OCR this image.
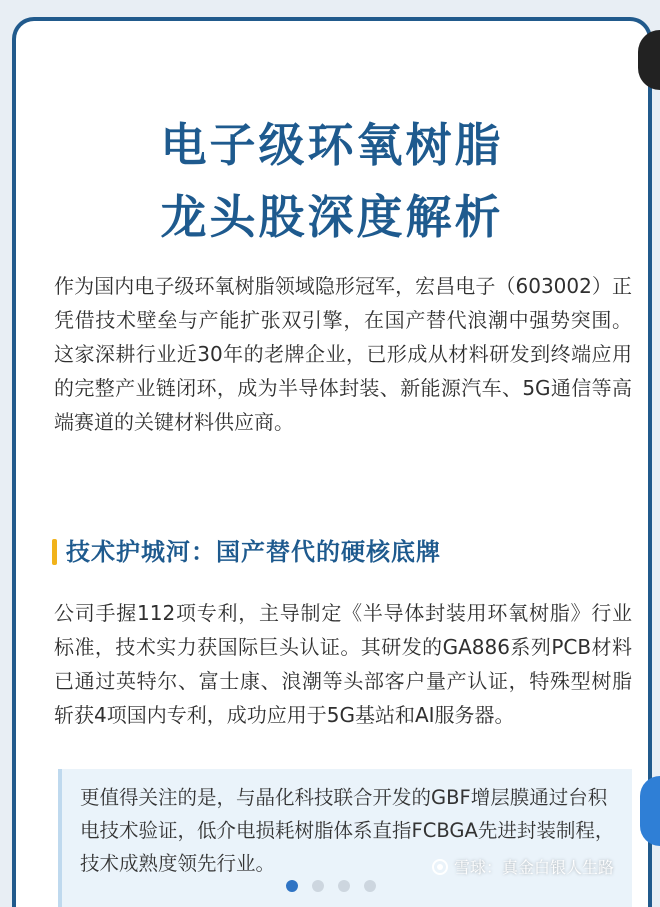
电子级环氧树脂
龙头股深度解析

作为国内电子级环氧树脂领域隐形冠军，宏昌电子（603002）正凭借技术壁垒与产能扩张双引擎，在国产替代浪潮中强势突围。这家深耕行业近30年的老牌企业，已形成从材料研发到终端应用的完整产业链闭环，成为半导体封装、新能源汽车、5G通信等高端赛道的关键材料供应商。

技术护城河：国产替代的硬核底牌

公司手握112项专利，主导制定《半导体封装用环氧树脂》行业标准，技术实力获国际巨头认证。其研发的GA886系列PCB材料已通过英特尔、富士康、浪潮等头部客户量产认证，特殊型树脂斩获4项国内专利，成功应用于5G基站和AI服务器。

更值得关注的是，与晶化科技联合开发的GBF增层膜通过台积电技术验证，低介电损耗树脂体系直指FCBGA先进封装制程，技术成熟度领先行业。	雪球：真金白银人生路
